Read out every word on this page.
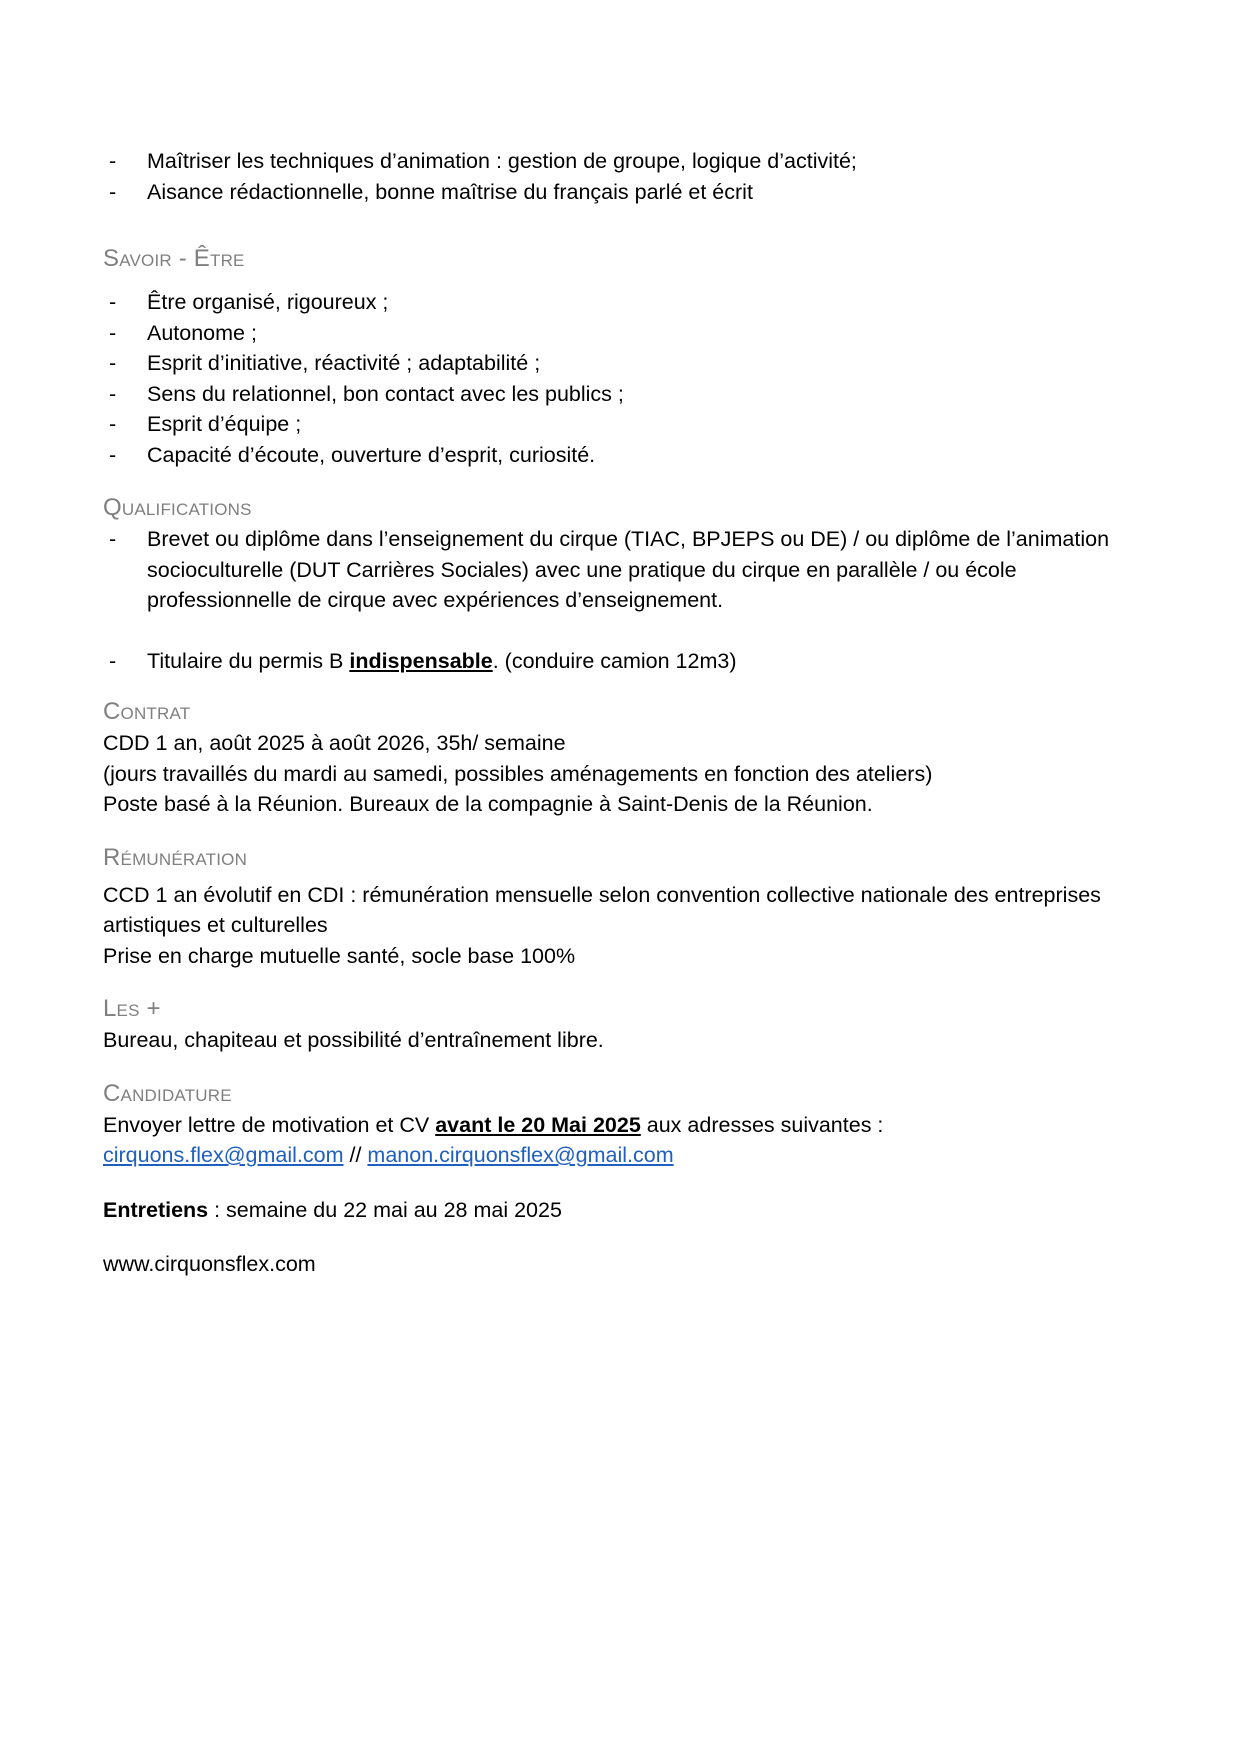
- Maîtriser les techniques d’animation : gestion de groupe, logique d’activité;
- Aisance rédactionnelle, bonne maîtrise du français parlé et écrit
Savoir - Être
- Être organisé, rigoureux ;
- Autonome ;
- Esprit d’initiative, réactivité ; adaptabilité ;
- Sens du relationnel, bon contact avec les publics ;
- Esprit d’équipe ;
- Capacité d’écoute, ouverture d’esprit, curiosité.
Qualifications
- Brevet ou diplôme dans l’enseignement du cirque (TIAC, BPJEPS ou DE) / ou diplôme de l’animation socioculturelle (DUT Carrières Sociales) avec une pratique du cirque en parallèle / ou école professionnelle de cirque avec expériences d’enseignement.
- Titulaire du permis B indispensable. (conduire camion 12m3)
Contrat

CDD 1 an, août 2025 à août 2026, 35h/ semaine

(jours travaillés du mardi au samedi, possibles aménagements en fonction des ateliers)

Poste basé à la Réunion. Bureaux de la compagnie à Saint-Denis de la Réunion.

Rémunération

CCD 1 an évolutif en CDI : rémunération mensuelle selon convention collective nationale des entreprises artistiques et culturelles

Prise en charge mutuelle santé, socle base 100%

Les +

Bureau, chapiteau et possibilité d’entraînement libre.

Candidature

Envoyer lettre de motivation et CV avant le 20 Mai 2025 aux adresses suivantes :

cirquons.flex@gmail.com // manon.cirquonsflex@gmail.com

Entretiens : semaine du 22 mai au 28 mai 2025

www.cirquonsflex.com
